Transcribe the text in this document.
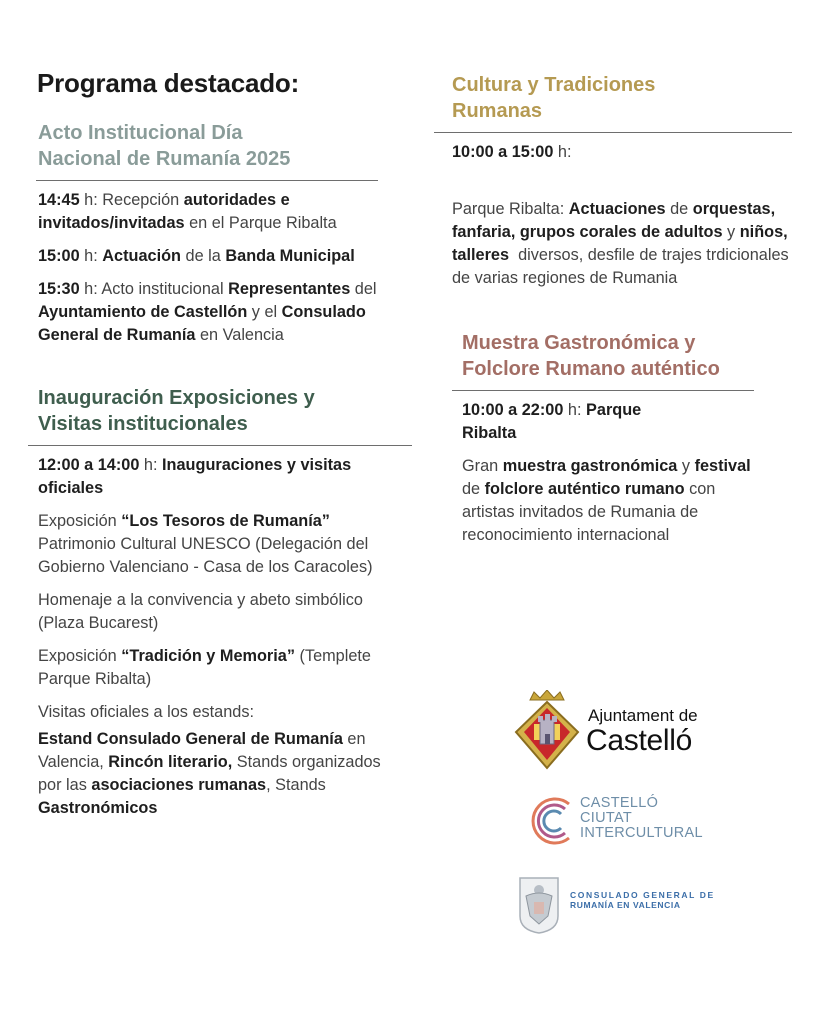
Programa destacado:
Acto Institucional Día
Nacional de Rumanía 2025

14:45 h: Recepción autoridades e invitados/invitadas en el Parque Ribalta

15:00 h: Actuación de la Banda Municipal

15:30 h: Acto institucional Representantes del Ayuntamiento de Castellón y el Consulado General de Rumanía en Valencia

Inauguración Exposiciones y
Visitas institucionales

12:00 a 14:00 h: Inauguraciones y visitas oficiales

Exposición “Los Tesoros de Rumanía” Patrimonio Cultural UNESCO (Delegación del Gobierno Valenciano - Casa de los Caracoles)

Homenaje a la convivencia y abeto simbólico (Plaza Bucarest)

Exposición “Tradición y Memoria” (Templete Parque Ribalta)

Visitas oficiales a los estands:

Estand Consulado General de Rumanía en Valencia, Rincón literario, Stands organizados por las asociaciones rumanas, Stands Gastronómicos

Cultura y Tradiciones
Rumanas

10:00 a 15:00 h:

Parque Ribalta: Actuaciones de orquestas, fanfaria, grupos corales de adultos y niños, talleres  diversos, desfile de trajes trdicionales de varias regiones de Rumania

Muestra Gastronómica y
Folclore Rumano auténtico

10:00 a 22:00 h: Parque Ribalta

Gran muestra gastronómica y festival de folclore auténtico rumano con artistas invitados de Rumania de reconocimiento internacional

Ajuntament de
Castelló
CASTELLÓ
CIUTAT
INTERCULTURAL
CONSULADO GENERAL DE
RUMANÍA EN VALENCIA
